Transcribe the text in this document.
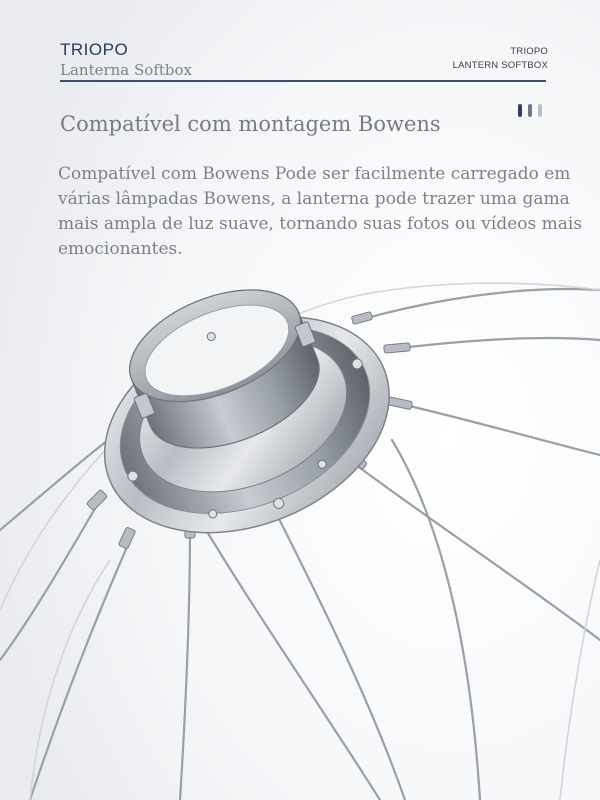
TRIOPO
Lanterna Softbox
TRIOPO
LANTERN SOFTBOX
Compatível com montagem Bowens

Compatível com Bowens Pode ser facilmente carregado em várias lâmpadas Bowens, a lanterna pode trazer uma gama mais ampla de luz suave, tornando suas fotos ou vídeos mais emocionantes.
